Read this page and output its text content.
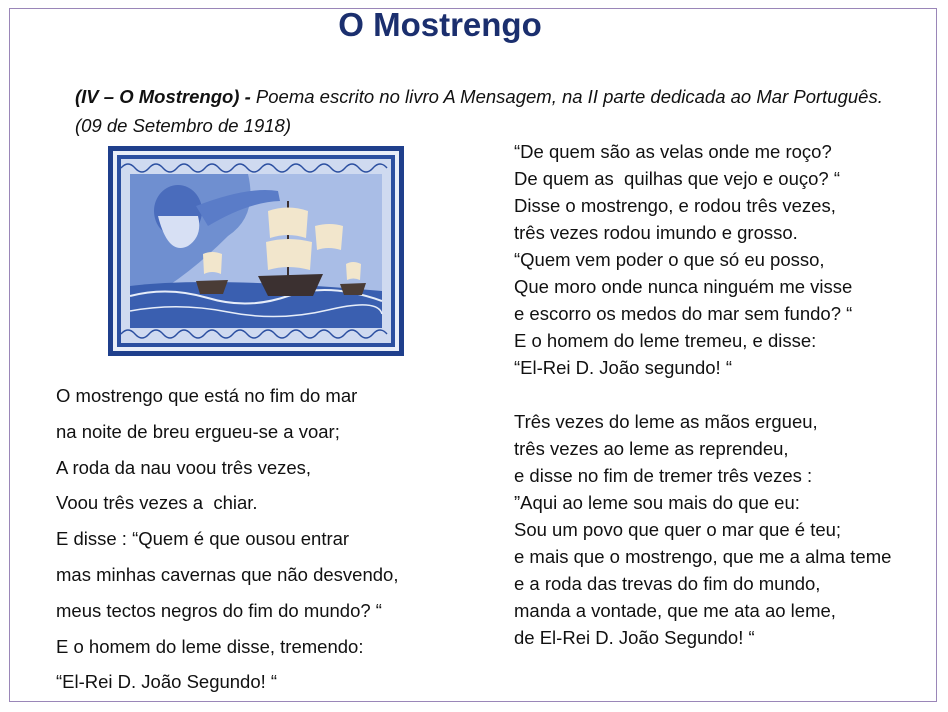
O Mostrengo
(IV – O Mostrengo) - Poema escrito no livro A Mensagem, na II parte dedicada ao Mar Português. (09 de Setembro de 1918)
O mostrengo que está no fim do mar
na noite de breu ergueu-se a voar;
A roda da nau voou três vezes,
Voou três vezes a  chiar.
E disse : “Quem é que ousou entrar
mas minhas cavernas que não desvendo,
meus tectos negros do fim do mundo? “
E o homem do leme disse, tremendo:
“El-Rei D. João Segundo! “
“De quem são as velas onde me roço?
De quem as  quilhas que vejo e ouço? “
Disse o mostrengo, e rodou três vezes,
três vezes rodou imundo e grosso.
“Quem vem poder o que só eu posso,
Que moro onde nunca ninguém me visse
e escorro os medos do mar sem fundo? “
E o homem do leme tremeu, e disse:
“El-Rei D. João segundo! “
Três vezes do leme as mãos ergueu,
três vezes ao leme as reprendeu,
e disse no fim de tremer três vezes :
”Aqui ao leme sou mais do que eu:
Sou um povo que quer o mar que é teu;
e mais que o mostrengo, que me a alma teme
e a roda das trevas do fim do mundo,
manda a vontade, que me ata ao leme,
de El-Rei D. João Segundo! “
